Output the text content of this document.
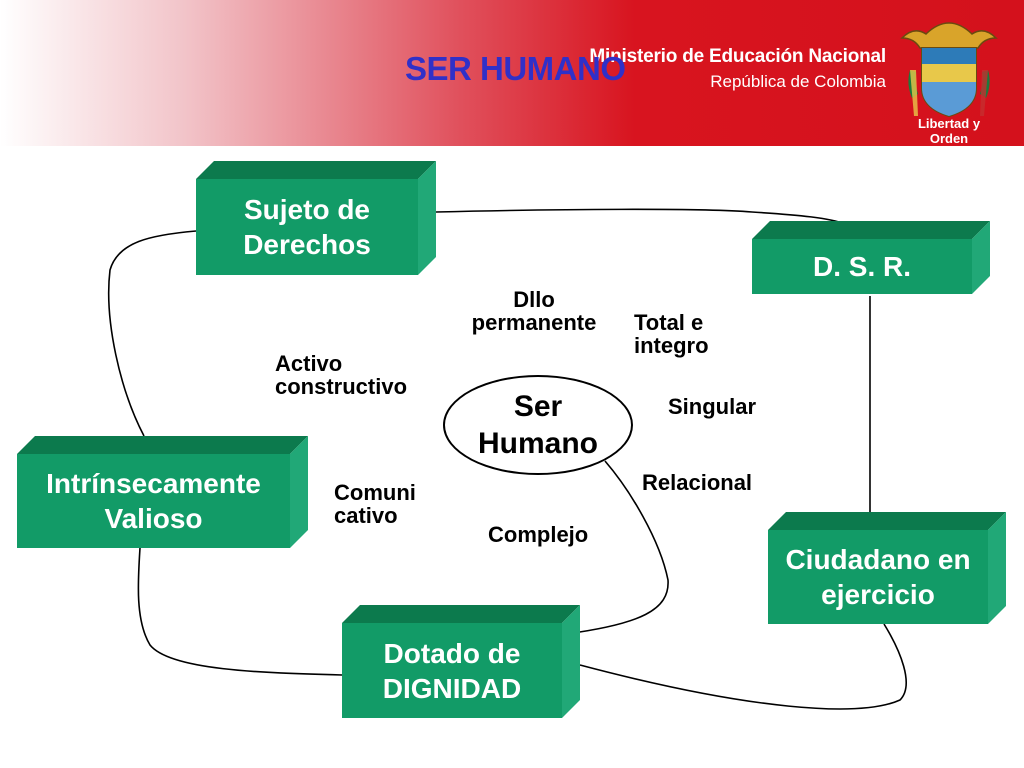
Ministerio de Educación Nacional
República de Colombia
SER HUMANO
Libertad y Orden
Sujeto de
Derechos
D. S. R.
Intrínsecamente
Valioso
Ciudadano en
ejercicio
Dotado de
DIGNIDAD
Ser
Humano
Dllo
permanente Total e
integro
Activo
constructivo
Singular
Comuni
cativo
Relacional
Complejo
